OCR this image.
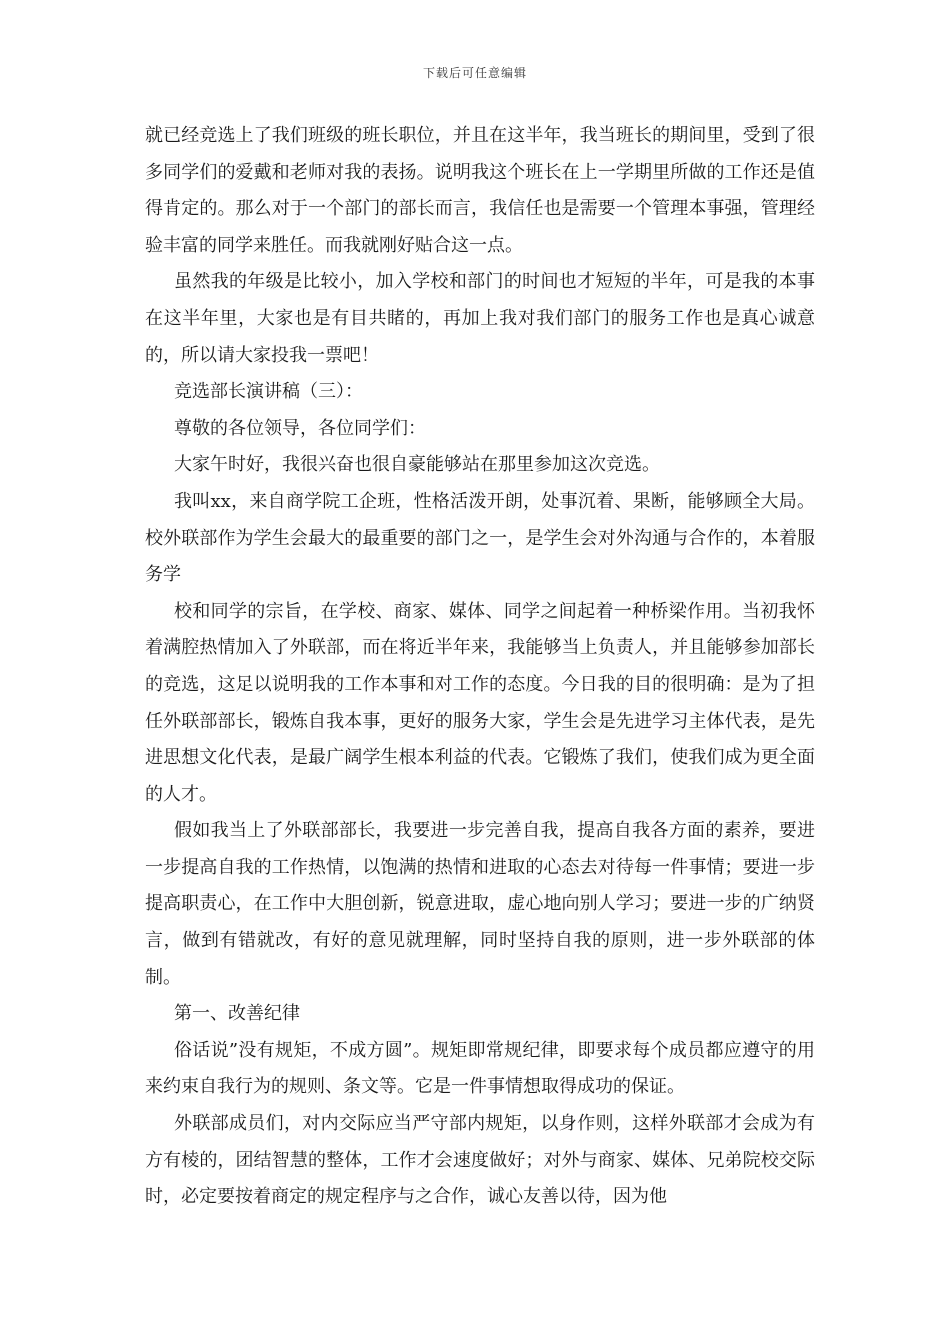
下载后可任意编辑

就已经竞选上了我们班级的班长职位，并且在这半年，我当班长的期间里，受到了很多同学们的爱戴和老师对我的表扬。说明我这个班长在上一学期里所做的工作还是值得肯定的。那么对于一个部门的部长而言，我信任也是需要一个管理本事强，管理经验丰富的同学来胜任。而我就刚好贴合这一点。

虽然我的年级是比较小，加入学校和部门的时间也才短短的半年，可是我的本事在这半年里，大家也是有目共睹的，再加上我对我们部门的服务工作也是真心诚意的，所以请大家投我一票吧！

竞选部长演讲稿（三）：

尊敬的各位领导，各位同学们：

大家午时好，我很兴奋也很自豪能够站在那里参加这次竞选。

我叫xx，来自商学院工企班，性格活泼开朗，处事沉着、果断，能够顾全大局。校外联部作为学生会最大的最重要的部门之一，是学生会对外沟通与合作的，本着服务学

校和同学的宗旨，在学校、商家、媒体、同学之间起着一种桥梁作用。当初我怀着满腔热情加入了外联部，而在将近半年来，我能够当上负责人，并且能够参加部长的竞选，这足以说明我的工作本事和对工作的态度。今日我的目的很明确：是为了担任外联部部长，锻炼自我本事，更好的服务大家，学生会是先进学习主体代表，是先进思想文化代表，是最广阔学生根本利益的代表。它锻炼了我们，使我们成为更全面的人才。

假如我当上了外联部部长，我要进一步完善自我，提高自我各方面的素养，要进一步提高自我的工作热情，以饱满的热情和进取的心态去对待每一件事情；要进一步提高职责心，在工作中大胆创新，锐意进取，虚心地向别人学习；要进一步的广纳贤言，做到有错就改，有好的意见就理解，同时坚持自我的原则，进一步外联部的体制。

第一、改善纪律

俗话说”没有规矩，不成方圆”。规矩即常规纪律，即要求每个成员都应遵守的用来约束自我行为的规则、条文等。它是一件事情想取得成功的保证。

外联部成员们，对内交际应当严守部内规矩，以身作则，这样外联部才会成为有方有棱的，团结智慧的整体，工作才会速度做好；对外与商家、媒体、兄弟院校交际时，必定要按着商定的规定程序与之合作，诚心友善以待，因为他
